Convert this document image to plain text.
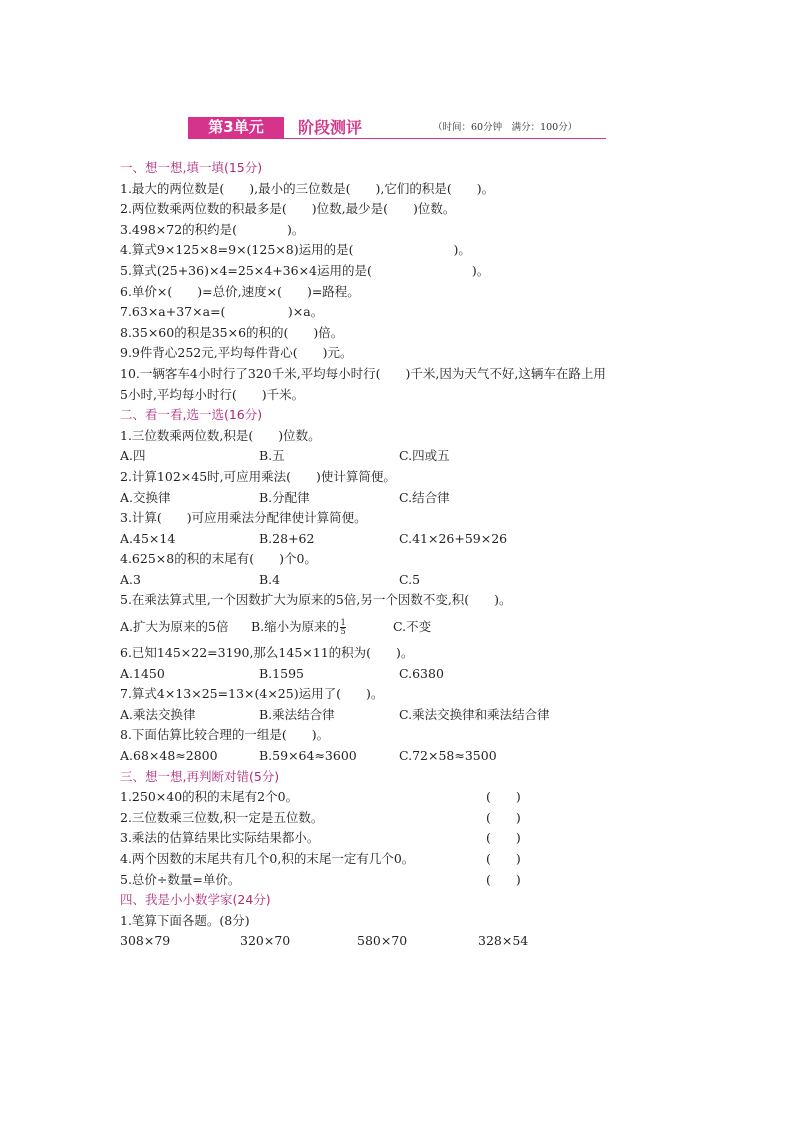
第3单元	阶段测评	（时间：60分钟　满分：100分）
一、想一想,填一填(15分)
1.最大的两位数是(　　),最小的三位数是(　　),它们的积是(　　)。
2.两位数乘两位数的积最多是(　　)位数,最少是(　　)位数。
3.498×72的积约是(　　　　)。
4.算式9×125×8=9×(125×8)运用的是(　　　　　　　　)。
5.算式(25+36)×4=25×4+36×4运用的是(　　　　　　　　)。
6.单价×(　　)=总价,速度×(　　)=路程。
7.63×a+37×a=(　　　　　)×a。
8.35×60的积是35×6的积的(　　)倍。
9.9件背心252元,平均每件背心(　　)元。
10.一辆客车4小时行了320千米,平均每小时行(　　)千米,因为天气不好,这辆车在路上用
5小时,平均每小时行(　　)千米。
二、看一看,选一选(16分)
1.三位数乘两位数,积是(　　)位数。
A.四	B.五	C.四或五
2.计算102×45时,可应用乘法(　　)使计算简便。
A.交换律	B.分配律	C.结合律
3.计算(　　)可应用乘法分配律使计算简便。
A.45×14	B.28+62	C.41×26+59×26
4.625×8的积的末尾有(　　)个0。
A.3	B.4	C.5
5.在乘法算式里,一个因数扩大为原来的5倍,另一个因数不变,积(　　)。
A.扩大为原来的5倍	B.缩小为原来的 $\frac{1}{5}$	C.不变
6.已知145×22=3190,那么145×11的积为(　　)。
A.1450	B.1595	C.6380
7.算式4×13×25=13×(4×25)运用了(　　)。
A.乘法交换律	B.乘法结合律	C.乘法交换律和乘法结合律
8.下面估算比较合理的一组是(　　)。
A.68×48≈2800	B.59×64≈3600	C.72×58≈3500
三、想一想,再判断对错(5分)
1.250×40的积的末尾有2个0。	(　　)
2.三位数乘三位数,积一定是五位数。	(　　)
3.乘法的估算结果比实际结果都小。	(　　)
4.两个因数的末尾共有几个0,积的末尾一定有几个0。	(　　)
5.总价÷数量=单价。	(　　)
四、我是小小数学家(24分)
1.笔算下面各题。(8分)
308×79	320×70	580×70	328×54
